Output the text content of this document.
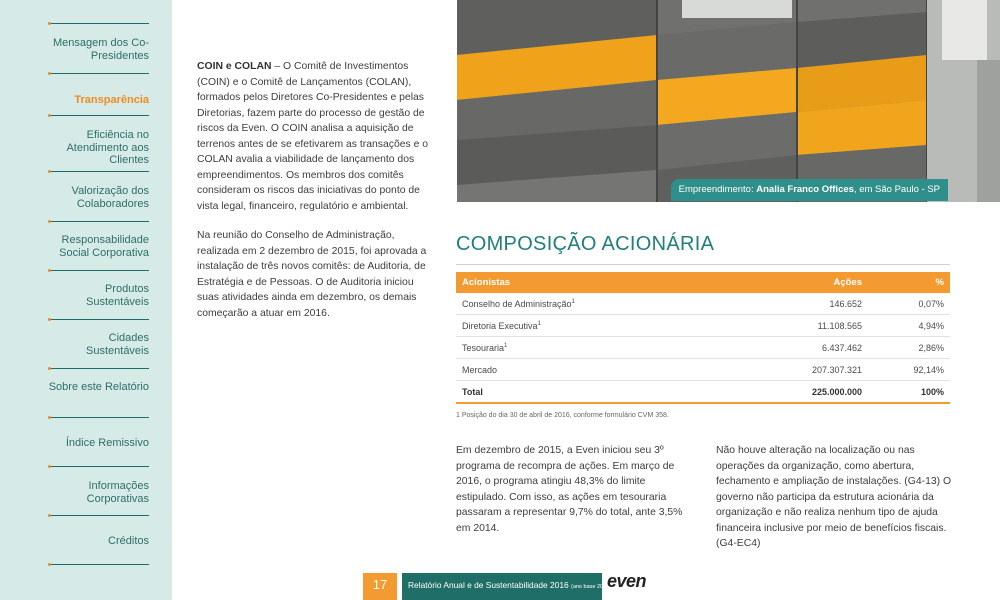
Mensagem dos Co-Presidentes
Transparência
Eficiência no Atendimento aos Clientes
Valorização dos Colaboradores
Responsabilidade Social Corporativa
Produtos Sustentáveis
Cidades Sustentáveis
Sobre este Relatório
Índice Remissivo
Informações Corporativas
Créditos

COIN e COLAN – O Comitê de Investimentos (COIN) e o Comitê de Lançamentos (COLAN), formados pelos Diretores Co-Presidentes e pelas Diretorias, fazem parte do processo de gestão de riscos da Even. O COIN analisa a aquisição de terrenos antes de se efetivarem as transações e o COLAN avalia a viabilidade de lançamento dos empreendimentos. Os membros dos comitês consideram os riscos das iniciativas do ponto de vista legal, financeiro, regulatório e ambiental.

Na reunião do Conselho de Administração, realizada em 2 dezembro de 2015, foi aprovada a instalação de três novos comitês: de Auditoria, de Estratégia e de Pessoas. O de Auditoria iniciou suas atividades ainda em dezembro, os demais começarão a atuar em 2016.

Empreendimento: Analia Franco Offices, em São Paulo - SP
COMPOSIÇÃO ACIONÁRIA
Acionistas	Ações	%
Conselho de Administração$^1$	146.652	0,07%
Diretoria Executiva$^1$	11.108.565	4,94%
Tesouraria$^1$	6.437.462	2,86%
Mercado	207.307.321	92,14%
Total	225.000.000	100%
1 Posição do dia 30 de abril de 2016, conforme formulário CVM 358.

Em dezembro de 2015, a Even iniciou seu 3º programa de recompra de ações. Em março de 2016, o programa atingiu 48,3% do limite estipulado. Com isso, as ações em tesouraria passaram a representar 9,7% do total, ante 3,5% em 2014.

Não houve alteração na localização ou nas operações da organização, como abertura, fechamento e ampliação de instalações. (G4-13) O governo não participa da estrutura acionária da organização e não realiza nenhum tipo de ajuda financeira inclusive por meio de benefícios fiscais. (G4-EC4)

17	Relatório Anual e de Sustentabilidade 2016 (ano base 2015)
even
